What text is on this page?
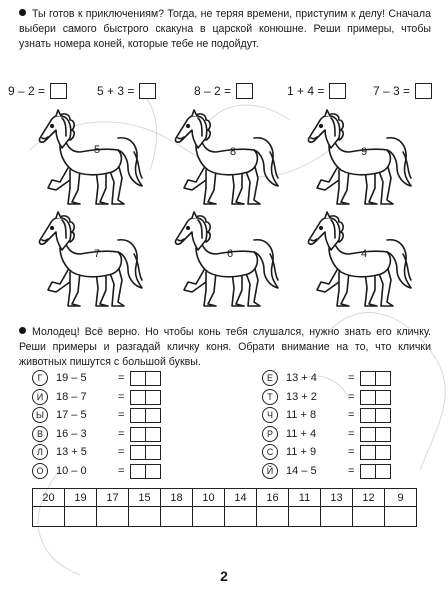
Ты готов к приключениям? Тогда, не теряя времени, приступим к делу! Сначала выбери самого быстрого скакуна в царской конюшне. Реши примеры, чтобы узнать номера коней, которые тебе не подойдут.
9 – 2 =	5 + 3 =	8 – 2 =	1 + 4 =	7 – 3 =
5	8	9
7	6	4
Молодец! Всё верно. Но чтобы конь тебя слушался, нужно знать его кличку. Реши примеры и разгадай кличку коня. Обрати внимание на то, что клички животных пишутся с большой буквы.
Г	19 – 5	=
И	18 – 7	=
Ы	17 – 5	=
В	16 – 3	=
Е	13 + 4	=
Т	13 + 2	=
Ч	11 + 8	=
Р	11 + 4	=
Л	13 + 5	=
О	10 – 0	=
С	11 + 9	=
Й	14 – 5	=
20	19	17	15	18	10	14	16	11	13	12	9

2
